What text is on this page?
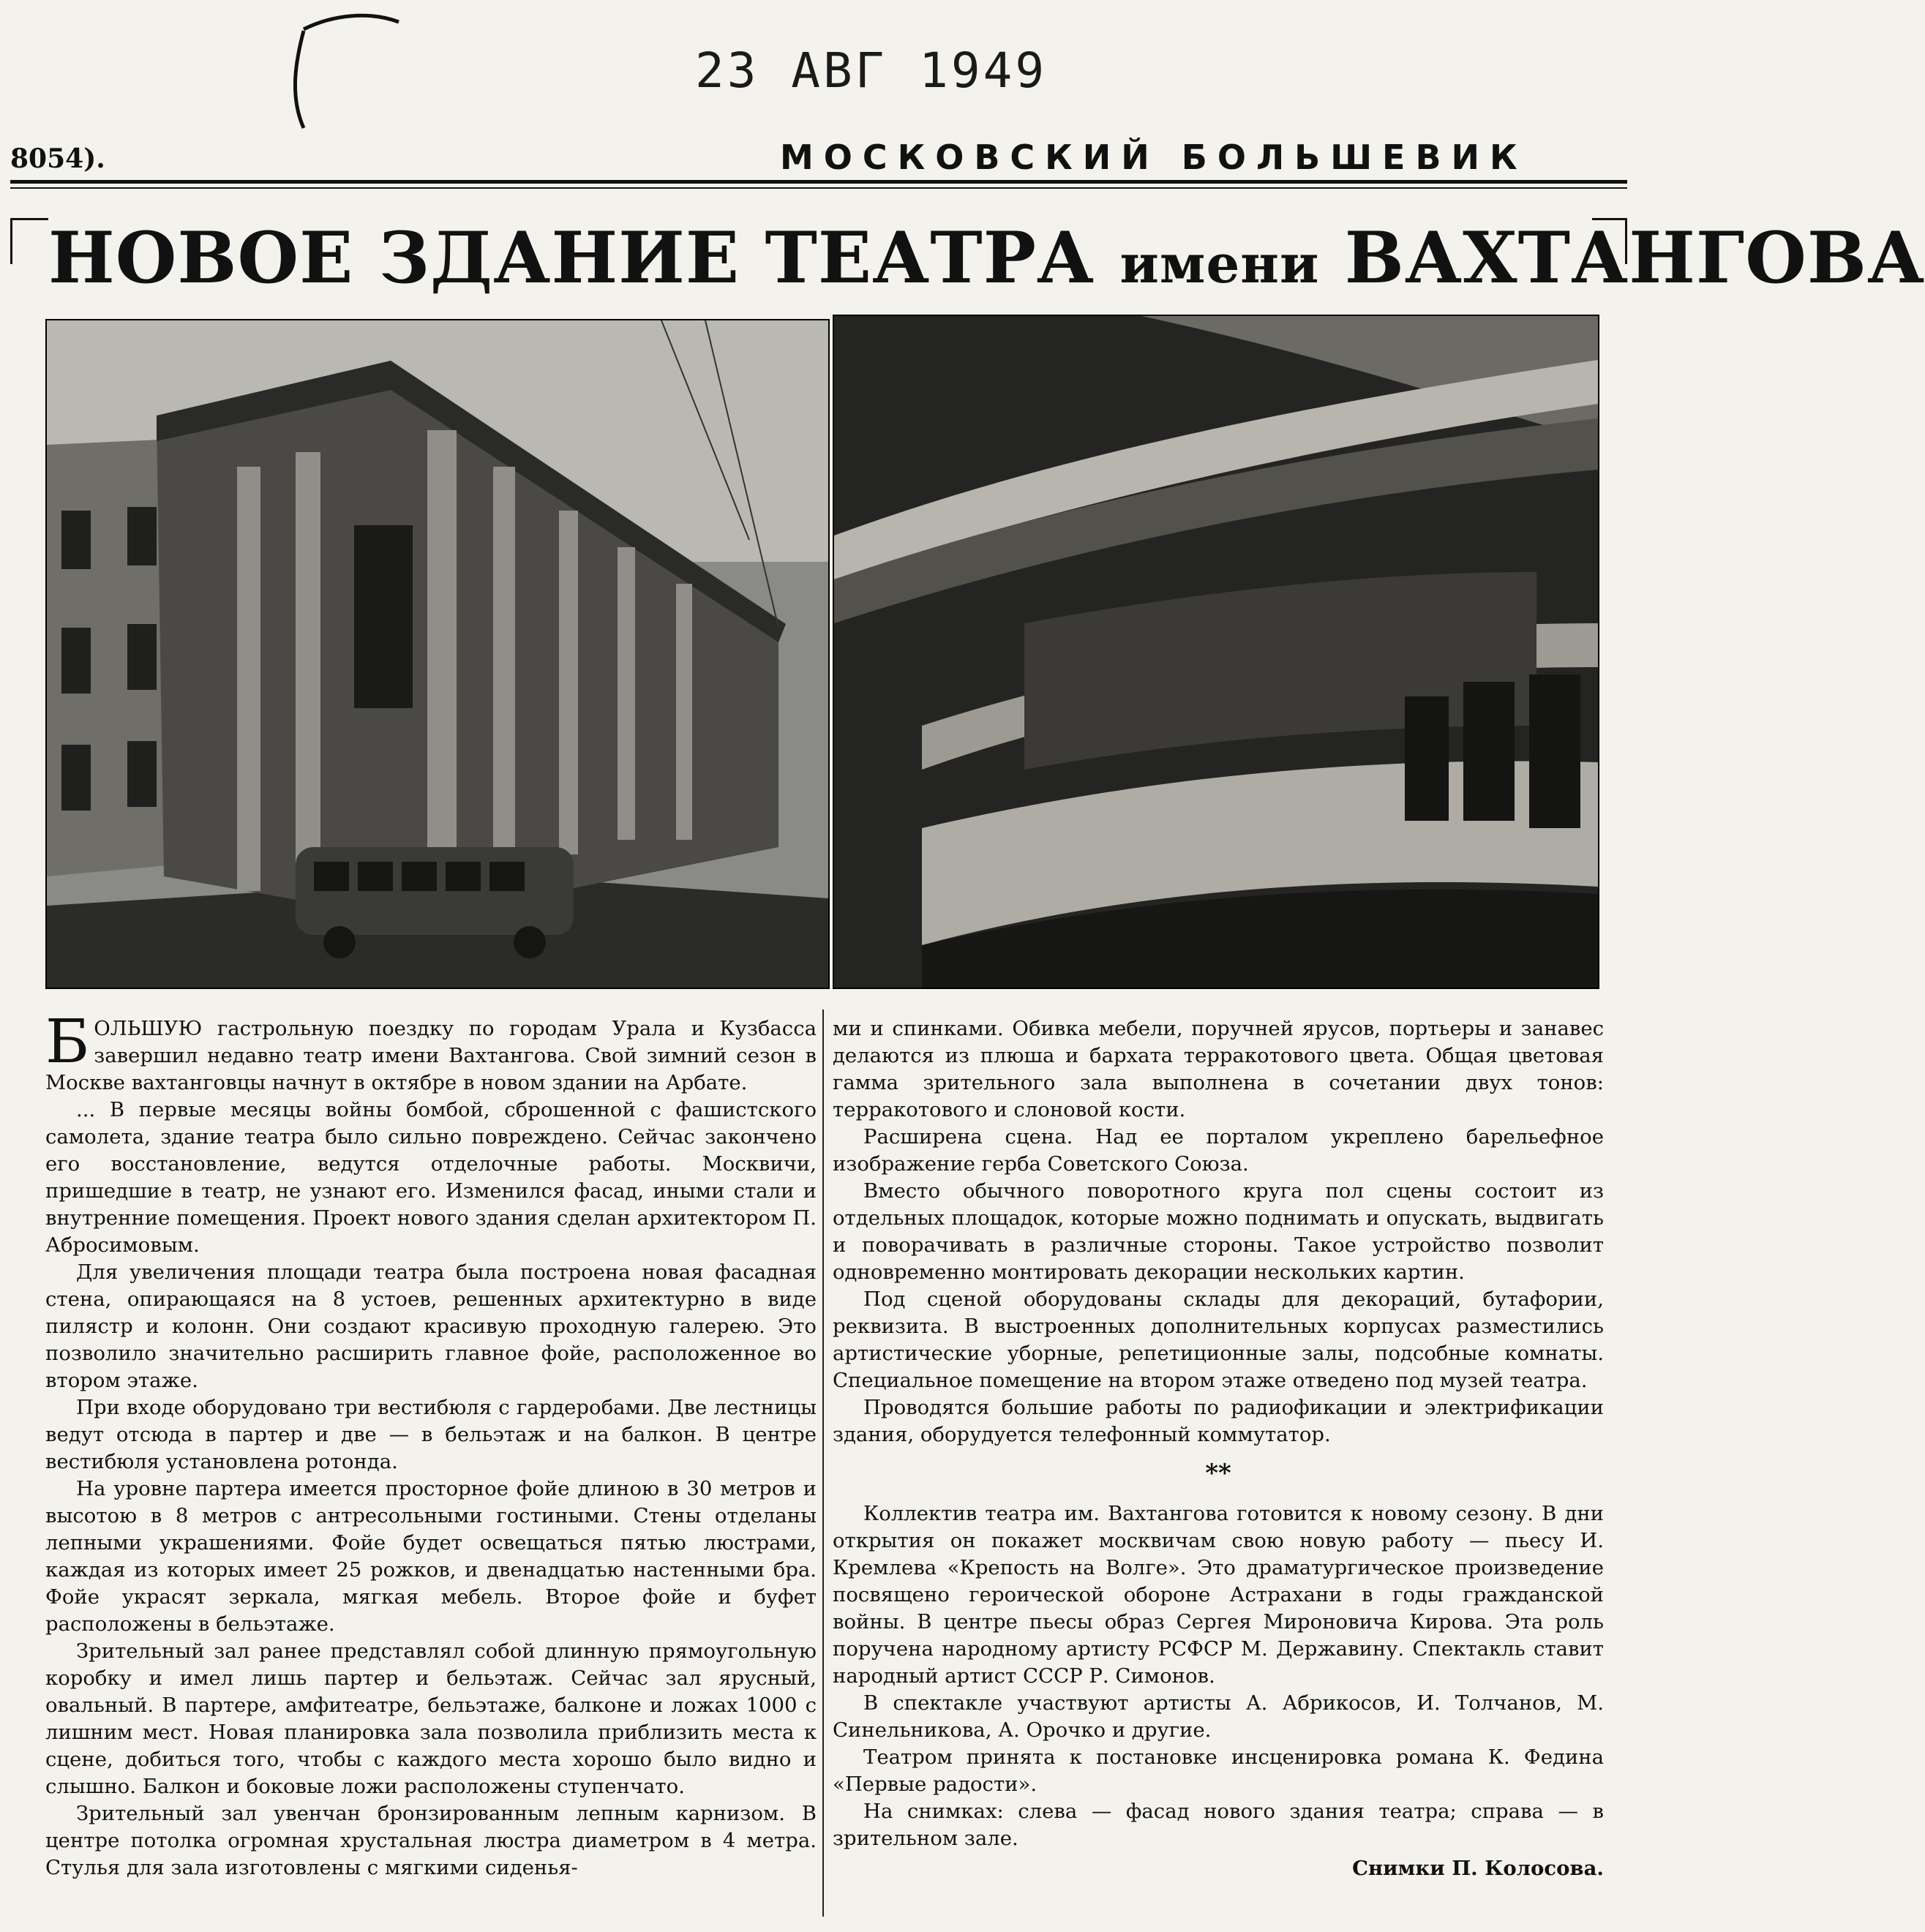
23 АВГ 1949
8054).	МОСКОВСКИЙ БОЛЬШЕВИК
НОВОЕ ЗДАНИЕ ТЕАТРА имени ВАХТАНГОВА

БОЛЬШУЮ гастрольную поездку по городам Урала и Кузбасса завершил недавно театр имени Вахтангова. Свой зимний сезон в Москве вахтанговцы начнут в октябре в новом здании на Арбате.

... В первые месяцы войны бомбой, сброшенной с фашистского самолета, здание театра было сильно повреждено. Сейчас закончено его восстановление, ведутся отделочные работы. Москвичи, пришедшие в театр, не узнают его. Изменился фасад, иными стали и внутренние помещения. Проект нового здания сделан архитектором П. Абросимовым.

Для увеличения площади театра была построена новая фасадная стена, опирающаяся на 8 устоев, решенных архитектурно в виде пилястр и колонн. Они создают красивую проходную галерею. Это позволило значительно расширить главное фойе, расположенное во втором этаже.

При входе оборудовано три вестибюля с гардеробами. Две лестницы ведут отсюда в партер и две — в бельэтаж и на балкон. В центре вестибюля установлена ротонда.

На уровне партера имеется просторное фойе длиною в 30 метров и высотою в 8 метров с антресольными гостиными. Стены отделаны лепными украшениями. Фойе будет освещаться пятью люстрами, каждая из которых имеет 25 рожков, и двенадцатью настенными бра. Фойе украсят зеркала, мягкая мебель. Второе фойе и буфет расположены в бельэтаже.

Зрительный зал ранее представлял собой длинную прямоугольную коробку и имел лишь партер и бельэтаж. Сейчас зал ярусный, овальный. В партере, амфитеатре, бельэтаже, балконе и ложах 1000 с лишним мест. Новая планировка зала позволила приблизить места к сцене, добиться того, чтобы с каждого места хорошо было видно и слышно. Балкон и боковые ложи расположены ступенчато.

Зрительный зал увенчан бронзированным лепным карнизом. В центре потолка огромная хрустальная люстра диаметром в 4 метра. Стулья для зала изготовлены с мягкими сиденья-

ми и спинками. Обивка мебели, поручней ярусов, портьеры и занавес делаются из плюша и бархата терракотового цвета. Общая цветовая гамма зрительного зала выполнена в сочетании двух тонов: терракотового и слоновой кости.

Расширена сцена. Над ее порталом укреплено барельефное изображение герба Советского Союза.

Вместо обычного поворотного круга пол сцены состоит из отдельных площадок, которые можно поднимать и опускать, выдвигать и поворачивать в различные стороны. Такое устройство позволит одновременно монтировать декорации нескольких картин.

Под сценой оборудованы склады для декораций, бутафории, реквизита. В выстроенных дополнительных корпусах разместились артистические уборные, репетиционные залы, подсобные комнаты. Специальное помещение на втором этаже отведено под музей театра.

Проводятся большие работы по радиофикации и электрификации здания, оборудуется телефонный коммутатор.

**

Коллектив театра им. Вахтангова готовится к новому сезону. В дни открытия он покажет москвичам свою новую работу — пьесу И. Кремлева «Крепость на Волге». Это драматургическое произведение посвящено героической обороне Астрахани в годы гражданской войны. В центре пьесы образ Сергея Мироновича Кирова. Эта роль поручена народному артисту РСФСР М. Державину. Спектакль ставит народный артист СССР Р. Симонов.

В спектакле участвуют артисты А. Абрикосов, И. Толчанов, М. Синельникова, А. Орочко и другие.

Театром принята к постановке инсценировка романа К. Федина «Первые радости».

На снимках: слева — фасад нового здания театра; справа — в зрительном зале.

Снимки П. Колосова.
